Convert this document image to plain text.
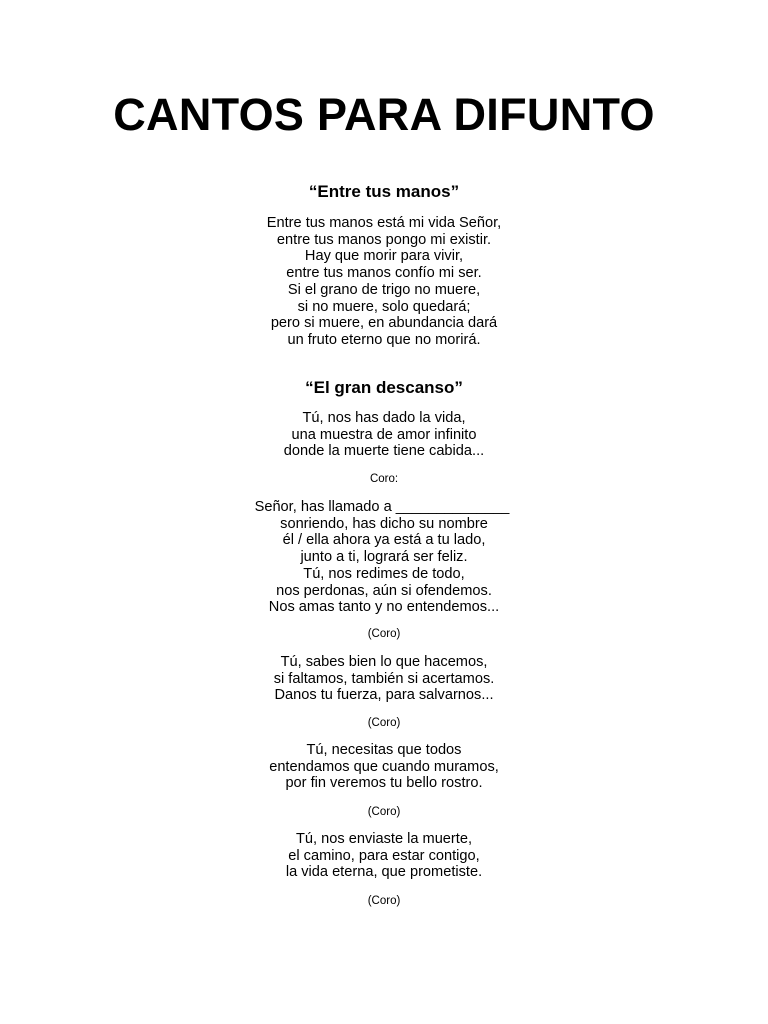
CANTOS PARA DIFUNTO
“Entre tus manos”
Entre tus manos está mi vida Señor,
entre tus manos pongo mi existir.
Hay que morir para vivir,
entre tus manos confío mi ser.
Si el grano de trigo no muere,
si no muere, solo quedará;
pero si muere, en abundancia dará
un fruto eterno que no morirá.
“El gran descanso”
Tú, nos has dado la vida,
una muestra de amor infinito
donde la muerte tiene cabida...
Coro:
Señor, has llamado a ______________
sonriendo, has dicho su nombre
él / ella ahora ya está a tu lado,
junto a ti, logrará ser feliz.
Tú, nos redimes de todo,
nos perdonas, aún si ofendemos.
Nos amas tanto y no entendemos...
(Coro)
Tú, sabes bien lo que hacemos,
si faltamos, también si acertamos.
Danos tu fuerza, para salvarnos...
(Coro)
Tú, necesitas que todos
entendamos que cuando muramos,
por fin veremos tu bello rostro.
(Coro)
Tú, nos enviaste la muerte,
el camino, para estar contigo,
la vida eterna, que prometiste.
(Coro)
